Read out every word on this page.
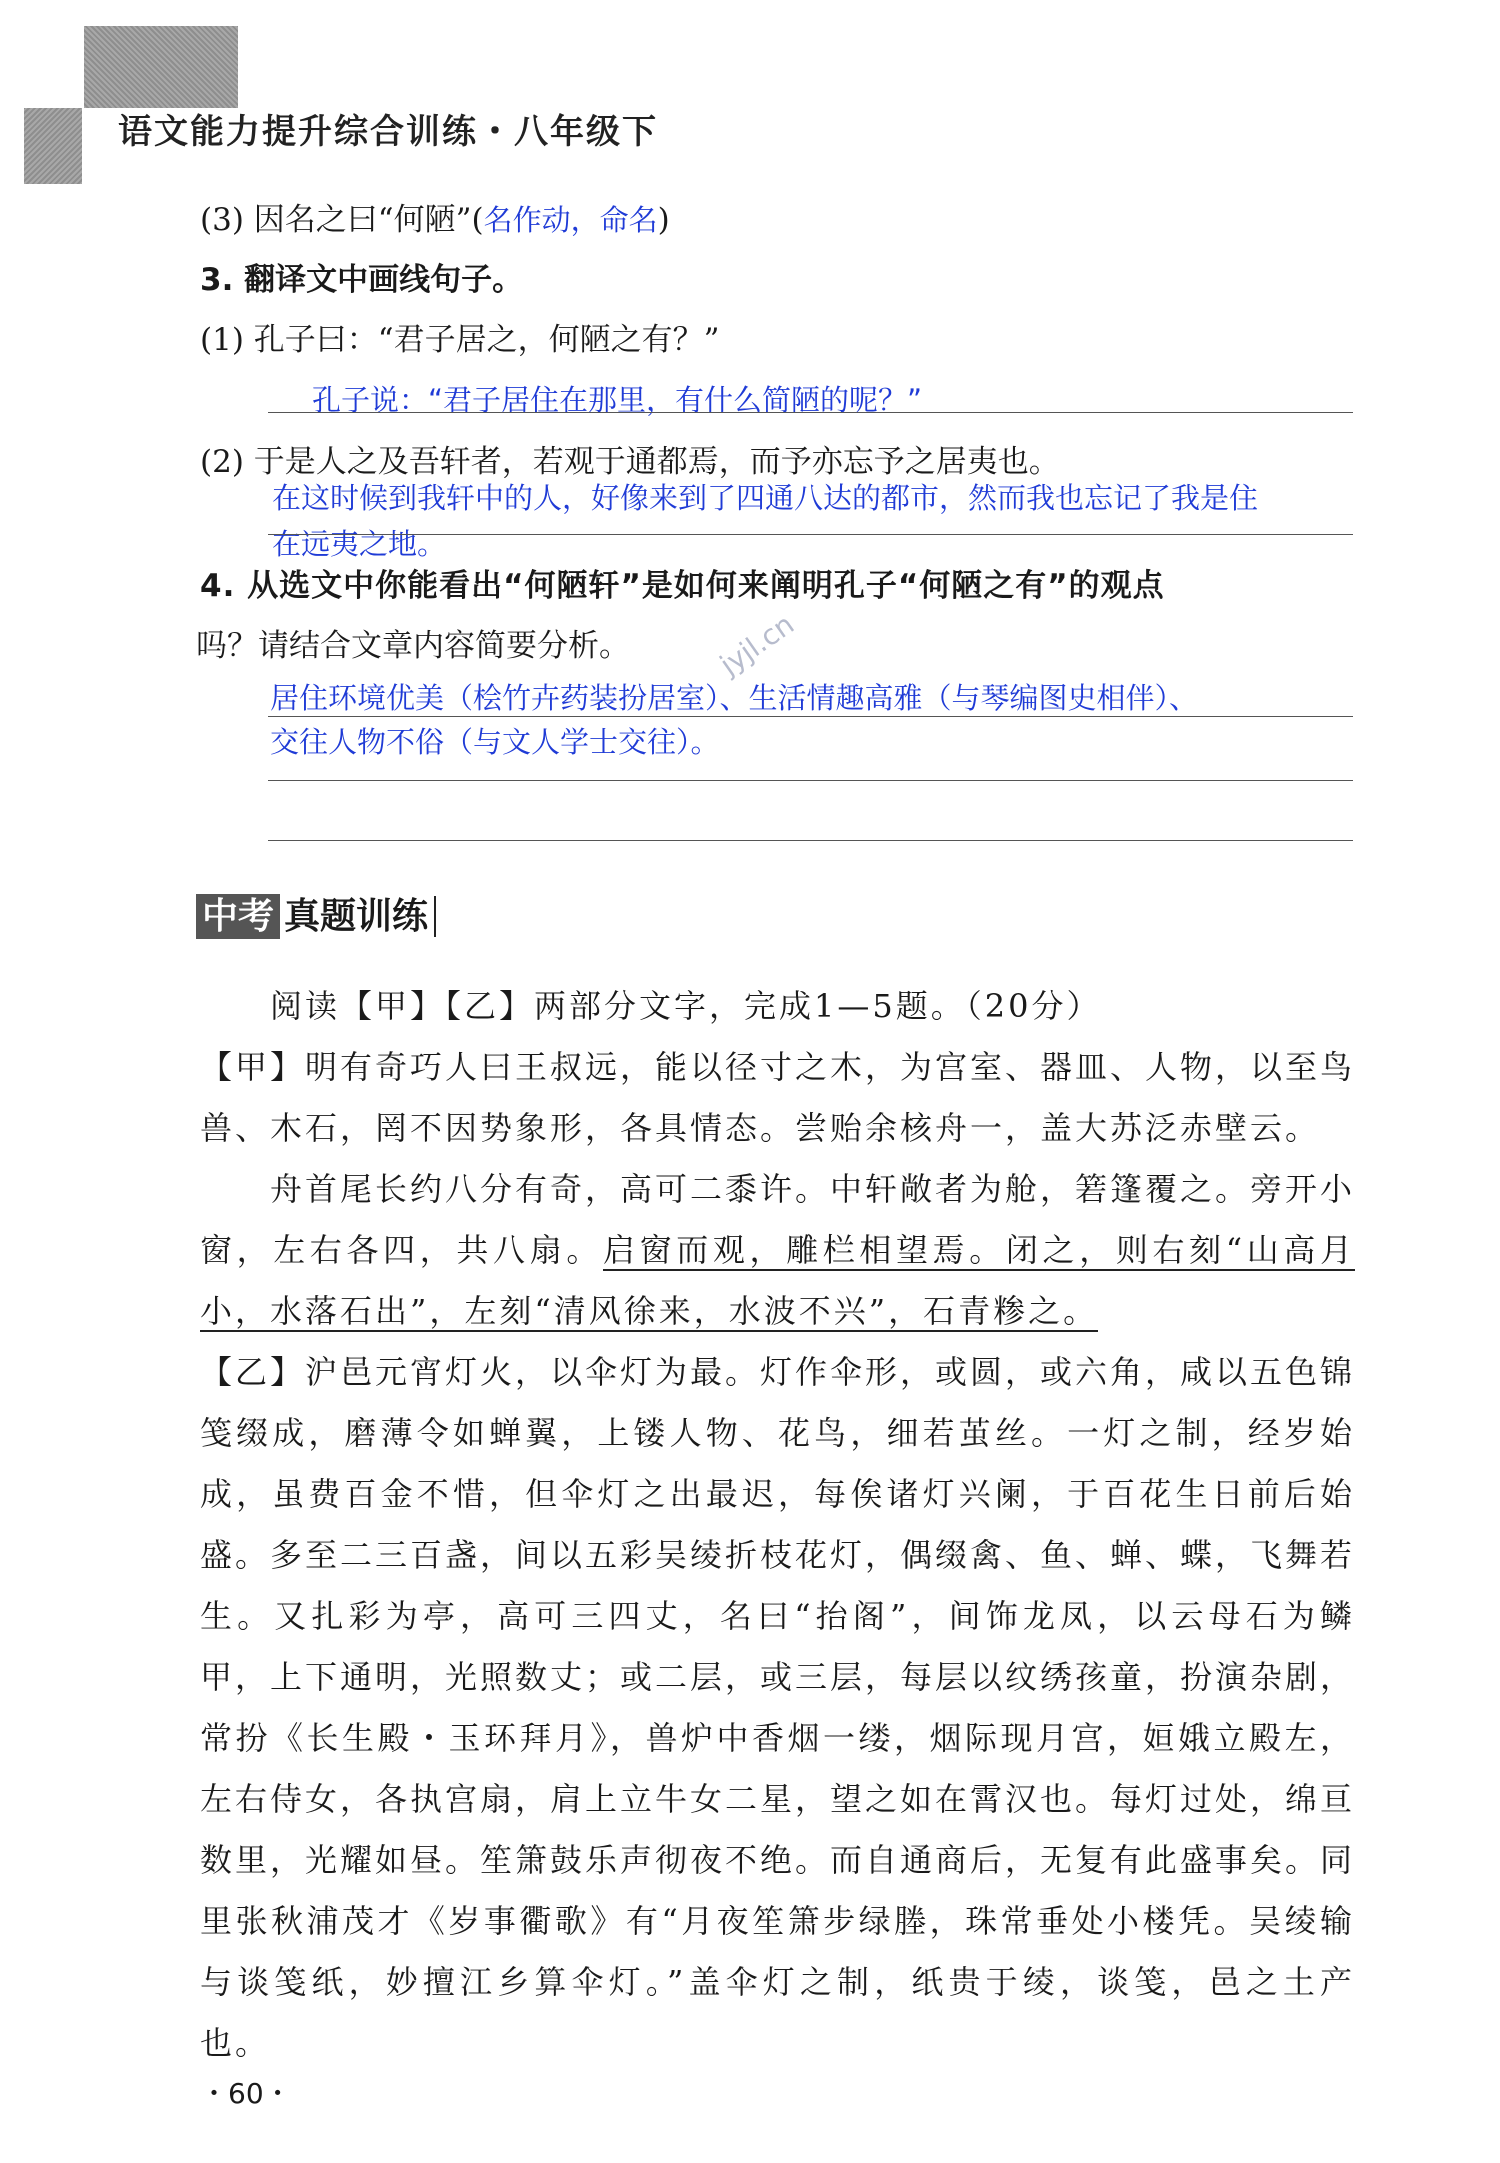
语文能力提升综合训练・八年级下
(3) 因名之曰“何陋”(名作动，命名)
3. 翻译文中画线句子。
(1) 孔子曰：“君子居之，何陋之有？”
孔子说：“君子居住在那里，有什么简陋的呢？”
(2) 于是人之及吾轩者，若观于通都焉，而予亦忘予之居夷也。
在这时候到我轩中的人，好像来到了四通八达的都市，然而我也忘记了我是住
在远夷之地。
4. 从选文中你能看出“何陋轩”是如何来阐明孔子“何陋之有”的观点
吗？请结合文章内容简要分析。	jyjl.cn
居住环境优美（桧竹卉药装扮居室）、生活情趣高雅（与琴编图史相伴）、
交往人物不俗（与文人学士交往）。
中考 真题训练
阅读【甲】【乙】两部分文字，完成1—5题。（20分）
【甲】明有奇巧人曰王叔远，能以径寸之木，为宫室、器皿、人物，以至鸟兽、木石，罔不因势象形，各具情态。尝贻余核舟一，盖大苏泛赤壁云。
舟首尾长约八分有奇，高可二黍许。中轩敞者为舱，箬篷覆之。旁开小窗，左右各四，共八扇。启窗而观，雕栏相望焉。闭之，则右刻“山高月小，水落石出”，左刻“清风徐来，水波不兴”，石青糁之。
【乙】沪邑元宵灯火，以伞灯为最。灯作伞形，或圆，或六角，咸以五色锦笺缀成，磨薄令如蝉翼，上镂人物、花鸟，细若茧丝。一灯之制，经岁始成，虽费百金不惜，但伞灯之出最迟，每俟诸灯兴阑，于百花生日前后始盛。多至二三百盏，间以五彩吴绫折枝花灯，偶缀禽、鱼、蝉、蝶，飞舞若生。又扎彩为亭，高可三四丈，名曰“抬阁”，间饰龙凤，以云母石为鳞甲，上下通明，光照数丈；或二层，或三层，每层以纹绣孩童，扮演杂剧，常扮《长生殿・玉环拜月》，兽炉中香烟一缕，烟际现月宫，姮娥立殿左，左右侍女，各执宫扇，肩上立牛女二星，望之如在霄汉也。每灯过处，绵亘数里，光耀如昼。笙箫鼓乐声彻夜不绝。而自通商后，无复有此盛事矣。同里张秋浦茂才《岁事衢歌》有“月夜笙箫步绿塍，珠常垂处小楼凭。吴绫输与谈笺纸，妙擅江乡算伞灯。”盖伞灯之制，纸贵于绫，谈笺，邑之土产也。
・60・
